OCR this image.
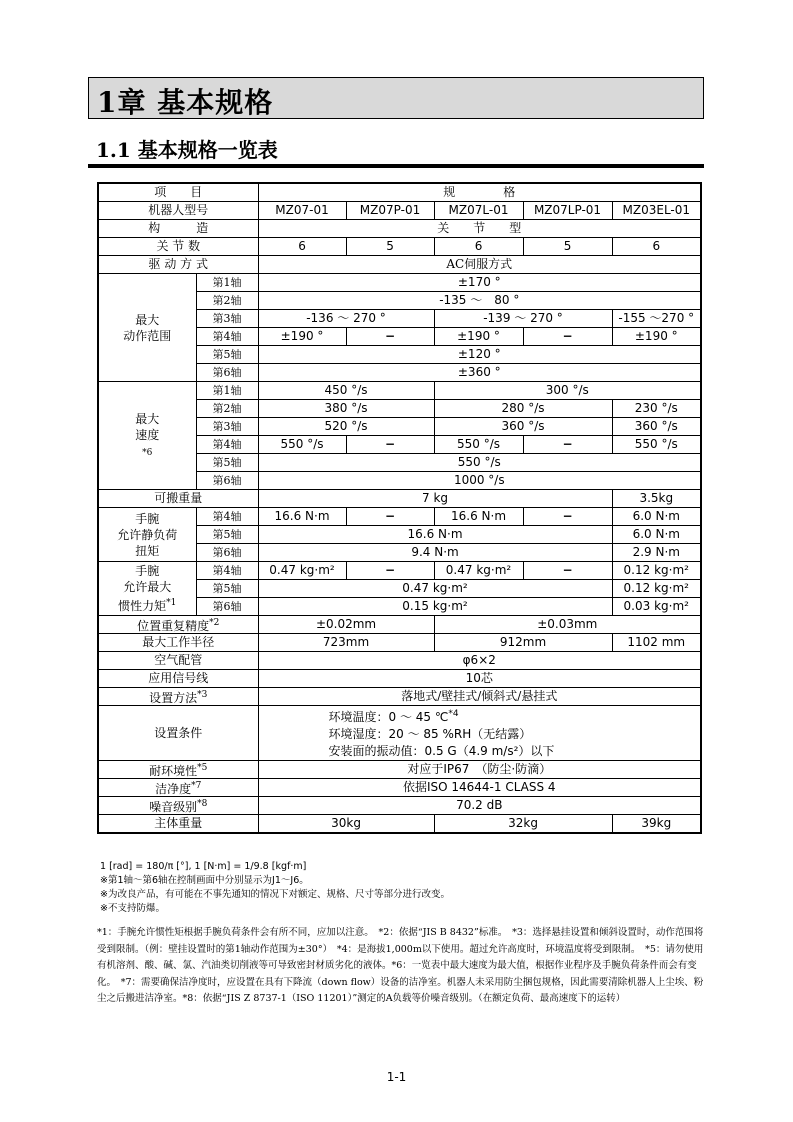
1章 基本规格
1.1 基本规格一览表
项　　目		规　　　　格				
机器人型号		MZ07-01	MZ07P-01	MZ07L-01	MZ07LP-01	MZ03EL-01
构　　　造		关　　节　　型				
关 节 数		6	5	6	5	6
驱 动 方 式		AC伺服方式				
最大
动作范围	第1轴	±170 °				
	第2轴	-135 ～　80 °				
	第3轴	-136 ～ 270 °		-139 ～ 270 °		-155 ～270 °
	第4轴	±190 °	−	±190 °	−	±190 °
	第5轴	±120 °				
	第6轴	±360 °				
最大
速度
*6	第1轴	450 °/s		300 °/s		
	第2轴	380 °/s		280 °/s		230 °/s
	第3轴	520 °/s		360 °/s		360 °/s
	第4轴	550 °/s	−	550 °/s	−	550 °/s
	第5轴	550 °/s				
	第6轴	1000 °/s				
可搬重量		7 kg				3.5kg
手腕
允许静负荷
扭矩	第4轴	16.6 N·m	−	16.6 N·m	−	6.0 N·m
	第5轴	16.6 N·m				6.0 N·m
	第6轴	9.4 N·m				2.9 N·m
手腕
允许最大
惯性力矩$^{*1}$	第4轴	0.47 kg·m²	−	0.47 kg·m²	−	0.12 kg·m²
	第5轴	0.47 kg·m²				0.12 kg·m²
	第6轴	0.15 kg·m²				0.03 kg·m²
位置重复精度$^{*2}$		±0.02mm		±0.03mm		
最大工作半径		723mm		912mm		1102 mm
空气配管		φ6×2				
应用信号线		10芯				
设置方法$^{*3}$		落地式/壁挂式/倾斜式/悬挂式				
设置条件		环境温度：0 ～ 45 ℃$^{*4}$
环境湿度：20 ～ 85 %RH（无结露）
安装面的振动值：0.5 G（4.9 m/s²）以下				
耐环境性$^{*5}$		对应于IP67　（防尘·防滴）				
洁净度$^{*7}$		依据ISO 14644-1 CLASS 4				
噪音级别$^{*8}$		70.2 dB				
主体重量		30kg		32kg		39kg
1 [rad] = 180/π [°], 1 [N·m] = 1/9.8 [kgf·m]
※第1轴～第6轴在控制画面中分别显示为J1～J6。
※为改良产品，有可能在不事先通知的情况下对额定、规格、尺寸等部分进行改变。
※不支持防爆。
*1：手腕允许惯性矩根据手腕负荷条件会有所不同，应加以注意。　*2：依据“JIS B 8432”标准。　*3：选择悬挂设置和倾斜设置时，动作范围将受到限制。（例：壁挂设置时的第1轴动作范围为±30°）　*4：是海拔1,000m以下使用。超过允许高度时，环境温度将受到限制。　*5：请勿使用有机溶剂、酸、碱、氯、汽油类切削液等可导致密封材质劣化的液体。*6：一览表中最大速度为最大值，根据作业程序及手腕负荷条件而会有变化。　*7：需要确保洁净度时，应设置在具有下降流（down flow）设备的洁净室。机器人未采用防尘捆包规格，因此需要清除机器人上尘埃、粉尘之后搬进洁净室。*8：依据“JIS Z 8737-1（ISO 11201）”测定的A负载等价噪音级别。（在额定负荷、最高速度下的运转）
1-1
